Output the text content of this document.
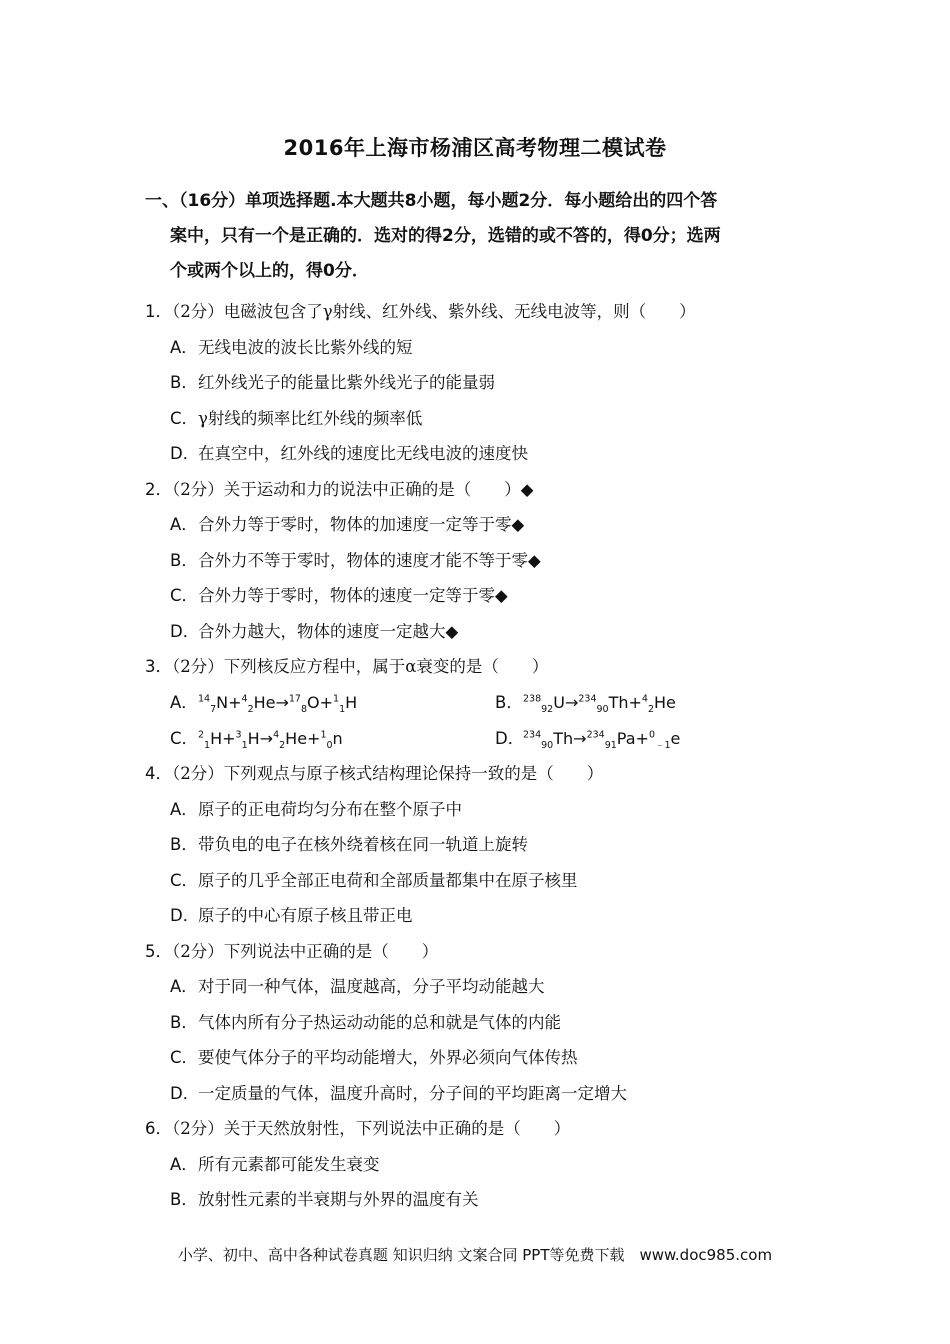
2016年上海市杨浦区高考物理二模试卷
一、（16分）单项选择题.本大题共8小题，每小题2分．每小题给出的四个答
案中，只有一个是正确的．选对的得2分，选错的或不答的，得0分；选两
个或两个以上的，得0分．
1．（2分）电磁波包含了γ射线、红外线、紫外线、无线电波等，则（　　）
A．无线电波的波长比紫外线的短
B．红外线光子的能量比紫外线光子的能量弱
C．γ射线的频率比红外线的频率低
D．在真空中，红外线的速度比无线电波的速度快
2．（2分）关于运动和力的说法中正确的是（　　）◆
A．合外力等于零时，物体的加速度一定等于零◆
B．合外力不等于零时，物体的速度才能不等于零◆
C．合外力等于零时，物体的速度一定等于零◆
D．合外力越大，物体的速度一定越大◆
3．（2分）下列核反应方程中，属于α衰变的是（　　）
A．$^{14}_7$N+$^4_2$He→$^{17}_8$O+$^1_1$H	B．$^{238}_{92}$U→$^{234}_{90}$Th+$^4_2$He
C．$^2_1$H+$^3_1$H→$^4_2$He+$^1_0$n	D．$^{234}_{90}$Th→$^{234}_{91}$Pa+$^0_{﹣1}$e
4．（2分）下列观点与原子核式结构理论保持一致的是（　　）
A．原子的正电荷均匀分布在整个原子中
B．带负电的电子在核外绕着核在同一轨道上旋转
C．原子的几乎全部正电荷和全部质量都集中在原子核里
D．原子的中心有原子核且带正电
5．（2分）下列说法中正确的是（　　）
A．对于同一种气体，温度越高，分子平均动能越大
B．气体内所有分子热运动动能的总和就是气体的内能
C．要使气体分子的平均动能增大，外界必须向气体传热
D．一定质量的气体，温度升高时，分子间的平均距离一定增大
6．（2分）关于天然放射性，下列说法中正确的是（　　）
A．所有元素都可能发生衰变
B．放射性元素的半衰期与外界的温度有关
小学、初中、高中各种试卷真题 知识归纳 文案合同 PPT等免费下载　www.doc985.com
